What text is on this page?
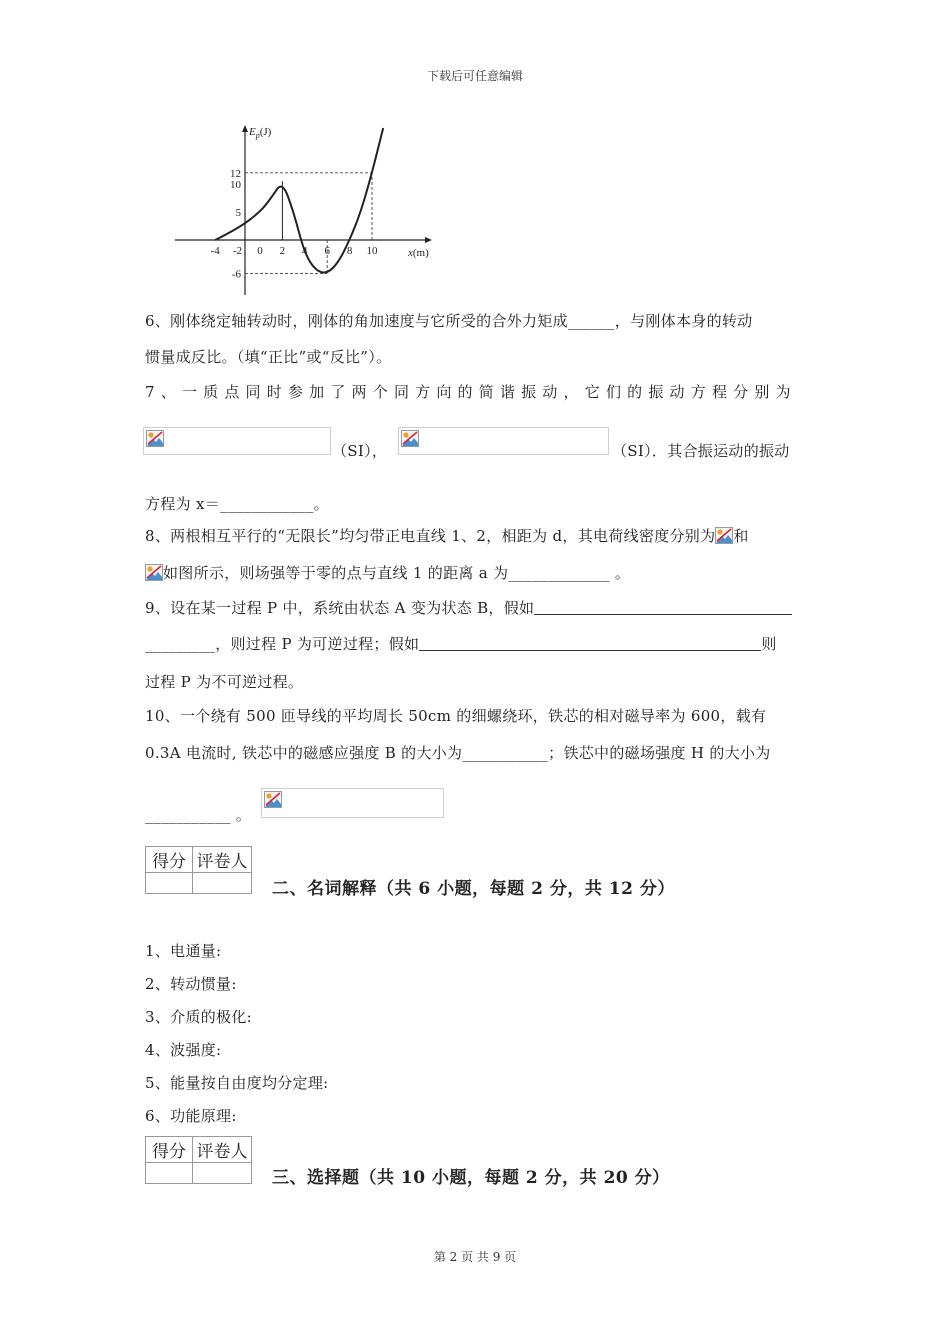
下载后可任意编辑
-4 -2 0 2 4 6 8 10
12
10
5
-6
$E_p(J)$
x(m)
6、刚体绕定轴转动时，刚体的角加速度与它所受的合外力矩成______，与刚体本身的转动
惯量成反比。（填“正比”或“反比”）。
7、一质点同时参加了两个同方向的简谐振动，它们的振动方程分别为
（SI），	（SI）．其合振运动的振动
方程为 x＝____________。
8、两根相互平行的“无限长”均匀带正电直线 1、2，相距为 d，其电荷线密度分别为 和
如图所示，则场强等于零的点与直线 1 的距离 a 为_____________ 。
9、设在某一过程 P 中，系统由状态 A 变为状态 B，假如
_________，则过程 P 为可逆过程；假如	则
过程 P 为不可逆过程。
10、一个绕有 500 匝导线的平均周长 50cm 的细螺绕环，铁芯的相对磁导率为 600，载有
0.3A 电流时, 铁芯中的磁感应强度 B 的大小为___________；铁芯中的磁场强度 H 的大小为
___________ 。
得分	评卷人

二、名词解释（共 6 小题，每题 2 分，共 12 分）
1、电通量:
2、转动惯量:
3、介质的极化:
4、波强度:
5、能量按自由度均分定理:
6、功能原理:
得分	评卷人

三、选择题（共 10 小题，每题 2 分，共 20 分）
第 2 页 共 9 页
